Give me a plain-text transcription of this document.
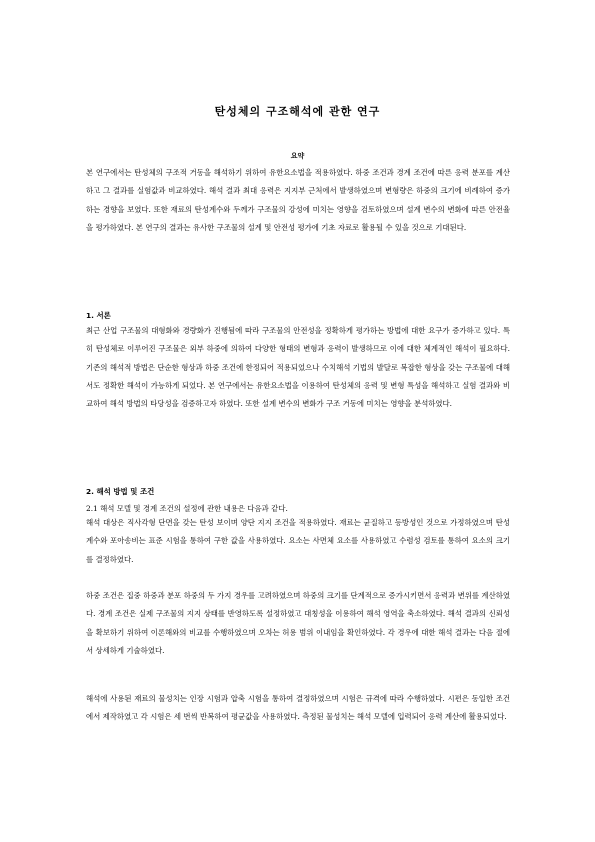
탄성체의 구조해석에 관한 연구
요약

본 연구에서는 탄성체의 구조적 거동을 해석하기 위하여 유한요소법을 적용하였다. 하중 조건과 경계 조건에 따른 응력 분포를 계산하고 그 결과를 실험값과 비교하였다. 해석 결과 최대 응력은 지지부 근처에서 발생하였으며 변형량은 하중의 크기에 비례하여 증가하는 경향을 보였다. 또한 재료의 탄성계수와 두께가 구조물의 강성에 미치는 영향을 검토하였으며 설계 변수의 변화에 따른 안전율을 평가하였다. 본 연구의 결과는 유사한 구조물의 설계 및 안전성 평가에 기초 자료로 활용될 수 있을 것으로 기대된다.

1. 서론

최근 산업 구조물의 대형화와 경량화가 진행됨에 따라 구조물의 안전성을 정확하게 평가하는 방법에 대한 요구가 증가하고 있다. 특히 탄성체로 이루어진 구조물은 외부 하중에 의하여 다양한 형태의 변형과 응력이 발생하므로 이에 대한 체계적인 해석이 필요하다. 기존의 해석적 방법은 단순한 형상과 하중 조건에 한정되어 적용되었으나 수치해석 기법의 발달로 복잡한 형상을 갖는 구조물에 대해서도 정확한 해석이 가능하게 되었다. 본 연구에서는 유한요소법을 이용하여 탄성체의 응력 및 변형 특성을 해석하고 실험 결과와 비교하여 해석 방법의 타당성을 검증하고자 하였다. 또한 설계 변수의 변화가 구조 거동에 미치는 영향을 분석하였다.

2. 해석 방법 및 조건

2.1 해석 모델 및 경계 조건의 설정에 관한 내용은 다음과 같다.

해석 대상은 직사각형 단면을 갖는 탄성 보이며 양단 지지 조건을 적용하였다. 재료는 균질하고 등방성인 것으로 가정하였으며 탄성계수와 포아송비는 표준 시험을 통하여 구한 값을 사용하였다. 요소는 사면체 요소를 사용하였고 수렴성 검토를 통하여 요소의 크기를 결정하였다.

하중 조건은 집중 하중과 분포 하중의 두 가지 경우를 고려하였으며 하중의 크기를 단계적으로 증가시키면서 응력과 변위를 계산하였다. 경계 조건은 실제 구조물의 지지 상태를 반영하도록 설정하였고 대칭성을 이용하여 해석 영역을 축소하였다. 해석 결과의 신뢰성을 확보하기 위하여 이론해와의 비교를 수행하였으며 오차는 허용 범위 이내임을 확인하였다. 각 경우에 대한 해석 결과는 다음 절에서 상세하게 기술하였다.

해석에 사용된 재료의 물성치는 인장 시험과 압축 시험을 통하여 결정하였으며 시험은 규격에 따라 수행하였다. 시편은 동일한 조건에서 제작하였고 각 시험은 세 번씩 반복하여 평균값을 사용하였다. 측정된 물성치는 해석 모델에 입력되어 응력 계산에 활용되었다.
